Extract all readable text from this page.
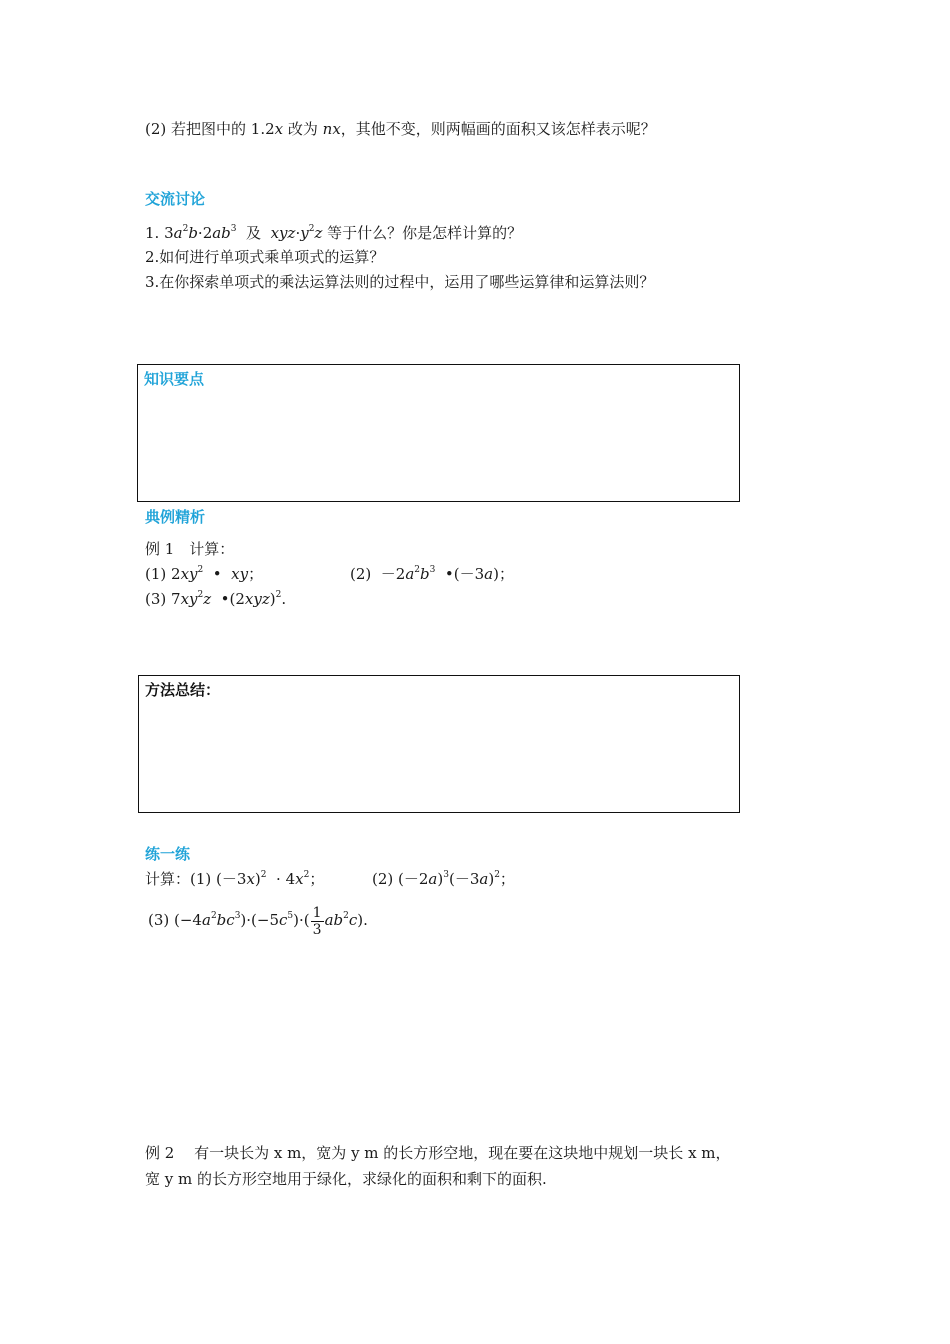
(2) 若把图中的 1.2x 改为 nx，其他不变，则两幅画的面积又该怎样表示呢？
交流讨论
1. $3a^2b\cdot 2ab^3$  及  $xyz\cdot y^2z$ 等于什么？你是怎样计算的？
2.如何进行单项式乘单项式的运算？
3.在你探索单项式的乘法运算法则的过程中，运用了哪些运算律和运算法则？
知识要点
典例精析
例 1　计算：
(1) $2xy^2$  •  xy；	$(2) -2a^2b^3$  •(－3a)；
(3) $7xy^2z$  $•(2xyz)^2$.
方法总结：
练一练
计算：(1) $(-3x)^2 \cdot 4x^2$；	(2) $(-2a)^3(-3a)^2$；
(3) $(-4a^2bc^3)\cdot(-5c^5)\cdot( \frac{1}{3} ab^2c)$.
例 2　 有一块长为 x m，宽为 y m 的长方形空地，现在要在这块地中规划一块长 x m，
宽 y m 的长方形空地用于绿化，求绿化的面积和剩下的面积.
